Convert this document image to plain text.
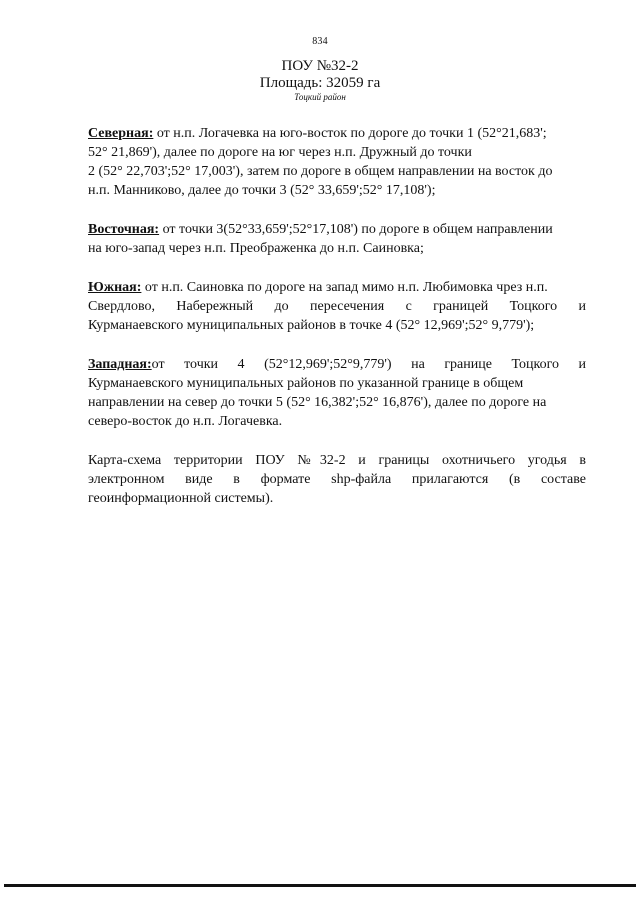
834
ПОУ №32-2
Площадь: 32059 га
Тоцкий район
Северная: от н.п. Логачевка на юго-восток по дороге до точки 1 (52°21,683';
52° 21,869'), далее по дороге на юг через н.п. Дружный до точки
2 (52° 22,703';52° 17,003'), затем по дороге в общем направлении на восток до
н.п. Манниково, далее до точки 3 (52° 33,659';52° 17,108');
Восточная: от точки 3(52°33,659';52°17,108') по дороге в общем направлении
на юго-запад через н.п. Преображенка до н.п. Саиновка;
Южная: от н.п. Саиновка по дороге на запад мимо н.п. Любимовка чрез н.п.
Свердлово, Набережный до пересечения с границей Тоцкого и
Курманаевского муниципальных районов в точке 4 (52° 12,969';52° 9,779');
Западная: от точки 4 (52°12,969';52°9,779') на границе Тоцкого и
Курманаевского муниципальных районов по указанной границе в общем
направлении на север до точки 5 (52° 16,382';52° 16,876'), далее по дороге на
северо-восток до н.п. Логачевка.
Карта-схема территории ПОУ №32-2 и границы охотничьего угодья в
электронном виде в формате shp-файла прилагаются (в составе
геоинформационной системы).
